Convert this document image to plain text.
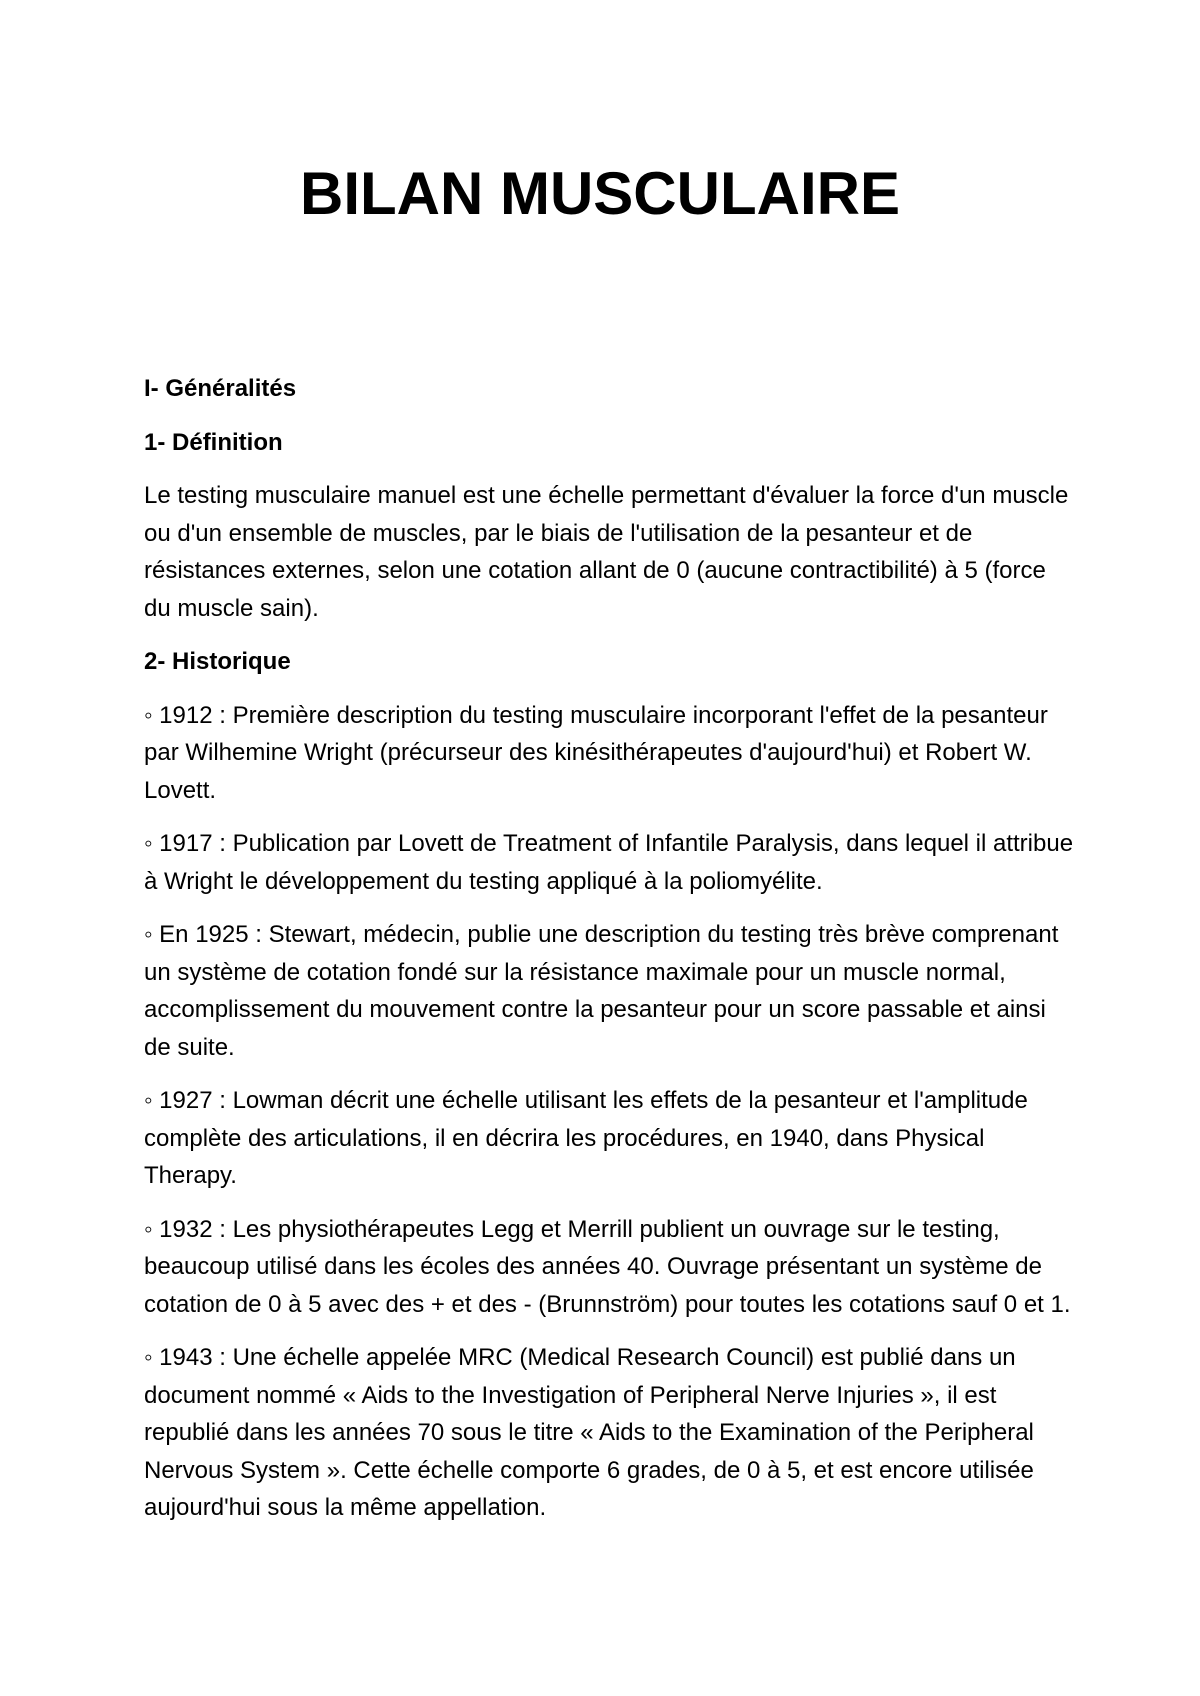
BILAN MUSCULAIRE

I- Généralités

1- Définition

Le testing musculaire manuel est une échelle permettant d'évaluer la force d'un muscle ou d'un ensemble de muscles, par le biais de l'utilisation de la pesanteur et de résistances externes, selon une cotation allant de 0 (aucune contractibilité) à 5 (force du muscle sain).

2- Historique

◦ 1912 : Première description du testing musculaire incorporant l'effet de la pesanteur par Wilhemine Wright (précurseur des kinésithérapeutes d'aujourd'hui) et Robert W. Lovett.

◦ 1917 : Publication par Lovett de Treatment of Infantile Paralysis, dans lequel il attribue à Wright le développement du testing appliqué à la poliomyélite.

◦ En 1925 : Stewart, médecin, publie une description du testing très brève comprenant un système de cotation fondé sur la résistance maximale pour un muscle normal, accomplissement du mouvement contre la pesanteur pour un score passable et ainsi de suite.

◦ 1927 : Lowman décrit une échelle utilisant les effets de la pesanteur et l'amplitude complète des articulations, il en décrira les procédures, en 1940, dans Physical Therapy.

◦ 1932 : Les physiothérapeutes Legg et Merrill publient un ouvrage sur le testing, beaucoup utilisé dans les écoles des années 40. Ouvrage présentant un système de cotation de 0 à 5 avec des + et des - (Brunnström) pour toutes les cotations sauf 0 et 1.

◦ 1943 : Une échelle appelée MRC (Medical Research Council) est publié dans un document nommé « Aids to the Investigation of Peripheral Nerve Injuries », il est republié dans les années 70 sous le titre « Aids to the Examination of the Peripheral Nervous System ». Cette échelle comporte 6 grades, de 0 à 5, et est encore utilisée aujourd'hui sous la même appellation.
